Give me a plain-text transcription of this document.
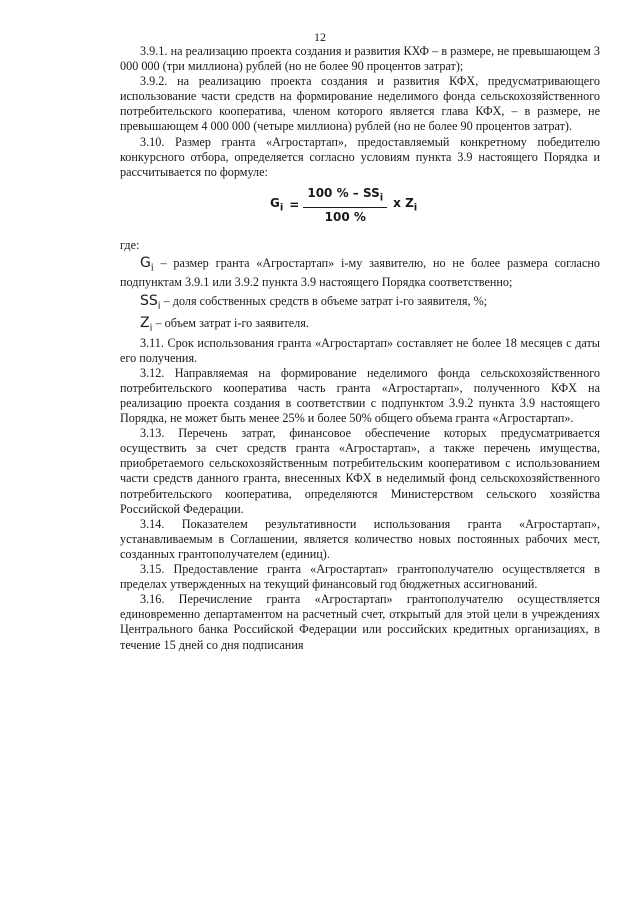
12

3.9.1. на реализацию проекта создания и развития КХФ – в размере, не превышающем 3 000 000 (три миллиона) рублей (но не более 90 процентов затрат);

3.9.2. на реализацию проекта создания и развития КФХ, предусматривающего использование части средств на формирование неделимого фонда сельскохозяйственного потребительского кооператива, членом которого является глава КФХ, – в размере, не превышающем 4 000 000 (четыре миллиона) рублей (но не более 90 процентов затрат).

3.10. Размер гранта «Агростартап», предоставляемый конкретному победителю конкурсного отбора, определяется согласно условиям пункта 3.9 настоящего Порядка и рассчитывается по формуле:

$G_i = \frac{100 \% - SS_i}{100 \%}$ x $Z_i$

где:

$G_i$ – размер гранта «Агростартап» i-му заявителю, но не более размера согласно подпунктам 3.9.1 или 3.9.2 пункта 3.9 настоящего Порядка соответственно;

$SS_i$ – доля собственных средств в объеме затрат i-го заявителя, %;

$Z_i$ – объем затрат i-го заявителя.

3.11. Срок использования гранта «Агростартап» составляет не более 18 месяцев с даты его получения.

3.12. Направляемая на формирование неделимого фонда сельскохозяйственного потребительского кооператива часть гранта «Агростартап», полученного КФХ на реализацию проекта создания в соответствии с подпунктом 3.9.2 пункта 3.9 настоящего Порядка, не может быть менее 25% и более 50% общего объема гранта «Агростартап».

3.13. Перечень затрат, финансовое обеспечение которых предусматривается осуществить за счет средств гранта «Агростартап», а также перечень имущества, приобретаемого сельскохозяйственным потребительским кооперативом с использованием части средств данного гранта, внесенных КФХ в неделимый фонд сельскохозяйственного потребительского кооператива, определяются Министерством сельского хозяйства Российской Федерации.

3.14. Показателем результативности использования гранта «Агростартап», устанавливаемым в Соглашении, является количество новых постоянных рабочих мест, созданных грантополучателем (единиц).

3.15. Предоставление гранта «Агростартап» грантополучателю осуществляется в пределах утвержденных на текущий финансовый год бюджетных ассигнований.

3.16. Перечисление гранта «Агростартап» грантополучателю осуществляется единовременно департаментом на расчетный счет, открытый для этой цели в учреждениях Центрального банка Российской Федерации или российских кредитных организациях, в течение 15 дней со дня подписания
